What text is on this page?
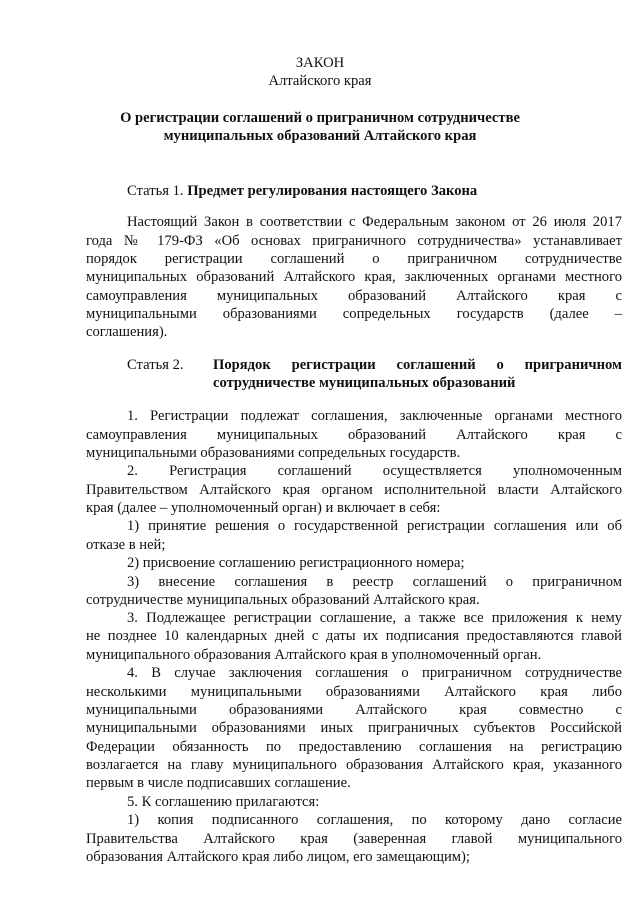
ЗАКОН
Алтайского края
О регистрации соглашений о приграничном сотрудничестве
муниципальных образований Алтайского края
Статья 1. Предмет регулирования настоящего Закона
Настоящий Закон в соответствии с Федеральным законом от 26 июля 2017
года № 179-ФЗ «Об основах приграничного сотрудничества» устанавливает
порядок регистрации соглашений о приграничном сотрудничестве
муниципальных образований Алтайского края, заключенных органами местного
самоуправления муниципальных образований Алтайского края с
муниципальными образованиями сопредельных государств (далее –
соглашения).
Статья 2. Порядок регистрации соглашений о приграничном
сотрудничестве муниципальных образований
1. Регистрации подлежат соглашения, заключенные органами местного
самоуправления муниципальных образований Алтайского края с
муниципальными образованиями сопредельных государств.
2. Регистрация соглашений осуществляется уполномоченным
Правительством Алтайского края органом исполнительной власти Алтайского
края (далее – уполномоченный орган) и включает в себя:
1) принятие решения о государственной регистрации соглашения или об
отказе в ней;
2) присвоение соглашению регистрационного номера;
3) внесение соглашения в реестр соглашений о приграничном
сотрудничестве муниципальных образований Алтайского края.
3. Подлежащее регистрации соглашение, а также все приложения к нему
не позднее 10 календарных дней с даты их подписания предоставляются главой
муниципального образования Алтайского края в уполномоченный орган.
4. В случае заключения соглашения о приграничном сотрудничестве
несколькими муниципальными образованиями Алтайского края либо
муниципальными образованиями Алтайского края совместно с
муниципальными образованиями иных приграничных субъектов Российской
Федерации обязанность по предоставлению соглашения на регистрацию
возлагается на главу муниципального образования Алтайского края, указанного
первым в числе подписавших соглашение.
5. К соглашению прилагаются:
1) копия подписанного соглашения, по которому дано согласие
Правительства Алтайского края (заверенная главой муниципального
образования Алтайского края либо лицом, его замещающим);
